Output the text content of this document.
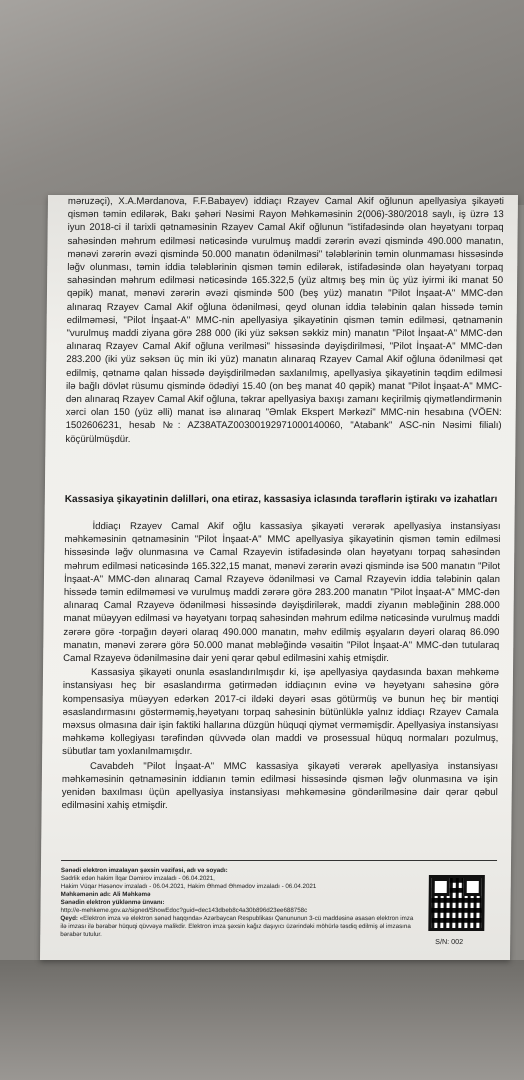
məruzəçi), X.A.Mərdanova, F.F.Babayev) iddiaçı Rzayev Camal Akif oğlunun apellyasiya şikayəti qismən təmin edilərək, Bakı şəhəri Nəsimi Rayon Məhkəməsinin 2(006)-380/2018 saylı, iş üzrə 13 iyun 2018-ci il tarixli qətnaməsinin Rzayev Camal Akif oğlunun "istifadəsində olan həyətyanı torpaq sahəsindən məhrum edilməsi nəticəsində vurulmuş maddi zərərin əvəzi qismində 490.000 manatın, mənəvi zərərin əvəzi qismində 50.000 manatın ödənilməsi" tələblərinin təmin olunmaması hissəsində ləğv olunması, təmin iddia tələblərinin qismən təmin edilərək, istifadəsində olan həyətyanı torpaq sahəsindən məhrum edilməsi nəticəsində 165.322,5 (yüz altmış beş min üç yüz iyirmi iki manat 50 qəpik) manat, mənəvi zərərin əvəzi qismində 500 (beş yüz) manatın "Pilot İnşaat-A" MMC-dən alınaraq Rzayev Camal Akif oğluna ödənilməsi, qeyd olunan iddia tələbinin qalan hissədə təmin edilməməsi, "Pilot İnşaat-A" MMC-nin apellyasiya şikayətinin qismən təmin edilməsi, qətnamənin "vurulmuş maddi ziyana görə 288 000 (iki yüz səksən səkkiz min) manatın "Pilot İnşaat-A" MMC-dən alınaraq Rzayev Camal Akif oğluna verilməsi" hissəsində dəyişdirilməsi, "Pilot İnşaat-A" MMC-dən 283.200 (iki yüz səksən üç min iki yüz) manatın alınaraq Rzayev Camal Akif oğluna ödənilməsi qət edilmiş, qətnamə qalan hissədə dəyişdirilmədən saxlanılmış, apellyasiya şikayətinin təqdim edilməsi ilə bağlı dövlət rüsumu qismində ödədiyi 15.40 (on beş manat 40 qəpik) manat "Pilot İnşaat-A" MMC-dən alınaraq Rzayev Camal Akif oğluna, təkrar apellyasiya baxışı zamanı keçirilmiş qiymətləndirmənin xərci olan 150 (yüz əlli) manat isə alınaraq "Əmlak Ekspert Mərkəzi" MMC-nin hesabına (VÖEN: 1502606231, hesab №: AZ38ATAZ00300192971000140060, "Atabank" ASC-nin Nəsimi filialı) köçürülmüşdür.
Kassasiya şikayətinin dəlilləri, ona etiraz, kassasiya iclasında tərəflərin iştirakı və izahatları

İddiaçı Rzayev Camal Akif oğlu kassasiya şikayəti verərək apellyasiya instansiyası məhkəməsinin qətnaməsinin "Pilot İnşaat-A" MMC apellyasiya şikayətinin qismən təmin edilməsi hissəsində ləğv olunmasına və Camal Rzayevin istifadəsində olan həyətyanı torpaq sahəsindən məhrum edilməsi nəticəsində 165.322,15 manat, mənəvi zərərin əvəzi qismində isə 500 manatın "Pilot İnşaat-A" MMC-dən alınaraq Camal Rzayevə ödənilməsi və Camal Rzayevin iddia tələbinin qalan hissədə təmin edilməməsi və vurulmuş maddi zərərə görə 283.200 manatın "Pilot İnşaat-A" MMC-dən alınaraq Camal Rzayevə ödənilməsi hissəsində dəyişdirilərək, maddi ziyanın məbləğinin 288.000 manat müəyyən edilməsi və həyətyanı torpaq sahəsindən məhrum edilmə nəticəsində vurulmuş maddi zərərə görə -torpağın dəyəri olaraq 490.000 manatın, məhv edilmiş əşyaların dəyəri olaraq 86.090 manatın, mənəvi zərərə görə 50.000 manat məbləğində vəsaitin "Pilot İnşaat-A" MMC-dən tutularaq Camal Rzayevə ödənilməsinə dair yeni qərar qəbul edilməsini xahiş etmişdir.

Kassasiya şikayəti onunla əsaslandırılmışdır ki, işə apellyasiya qaydasında baxan məhkəmə instansiyası heç bir əsaslandırma gətirmədən iddiaçının evinə və həyətyanı sahəsinə görə kompensasiya müəyyən edərkən 2017-ci ildəki dəyəri əsas götürmüş və bunun heç bir məntiqi əsaslandırmasını göstərməmiş,həyətyanı torpaq sahəsinin bütünlüklə yalnız iddiaçı Rzayev Camala məxsus olmasına dair işin faktiki hallarına düzgün hüquqi qiymət verməmişdir. Apellyasiya instansiyası məhkəmə kollegiyası tərəfindən qüvvədə olan maddi və prosessual hüquq normaları pozulmuş, sübutlar tam yoxlanılmamışdır.

Cavabdeh "Pilot İnşaat-A" MMC kassasiya şikayəti verərək apellyasiya instansiyası məhkəməsinin qətnaməsinin iddianın təmin edilməsi hissəsində qismən ləğv olunmasına və işin yenidən baxılması üçün apellyasiya instansiyası məhkəməsinə göndərilməsinə dair qərar qəbul edilməsini xahiş etmişdir.

Sənədi elektron imzalayan şəxsin vəzifəsi, adı və soyadı:
Sədrlik edən hakim İlqar Dəmirov imzaladı - 06.04.2021,
Hakim Vüqar Həsənov imzaladı - 06.04.2021, Hakim Əhməd Əhmədov imzaladı - 06.04.2021
Məhkəmənin adı: Ali Məhkəmə
Sənədin elektron yüklənmə ünvanı:
http://e-mehkeme.gov.az/signed/ShowEdoc?guid=dec143dbeb8c4a30b896d23ee688758c
Qeyd: «Elektron imza və elektron sənəd haqqında» Azərbaycan Respublikası Qanununun 3-cü maddəsinə əsasən elektron imza ilə imzası ilə bərabər hüquqi qüvvəyə malikdir. Elektron imza şəxsin kağız daşıyıcı üzərindəki möhürlə təsdiq edilmiş əl imzasına bərabər tutulur.
S/N: 002
